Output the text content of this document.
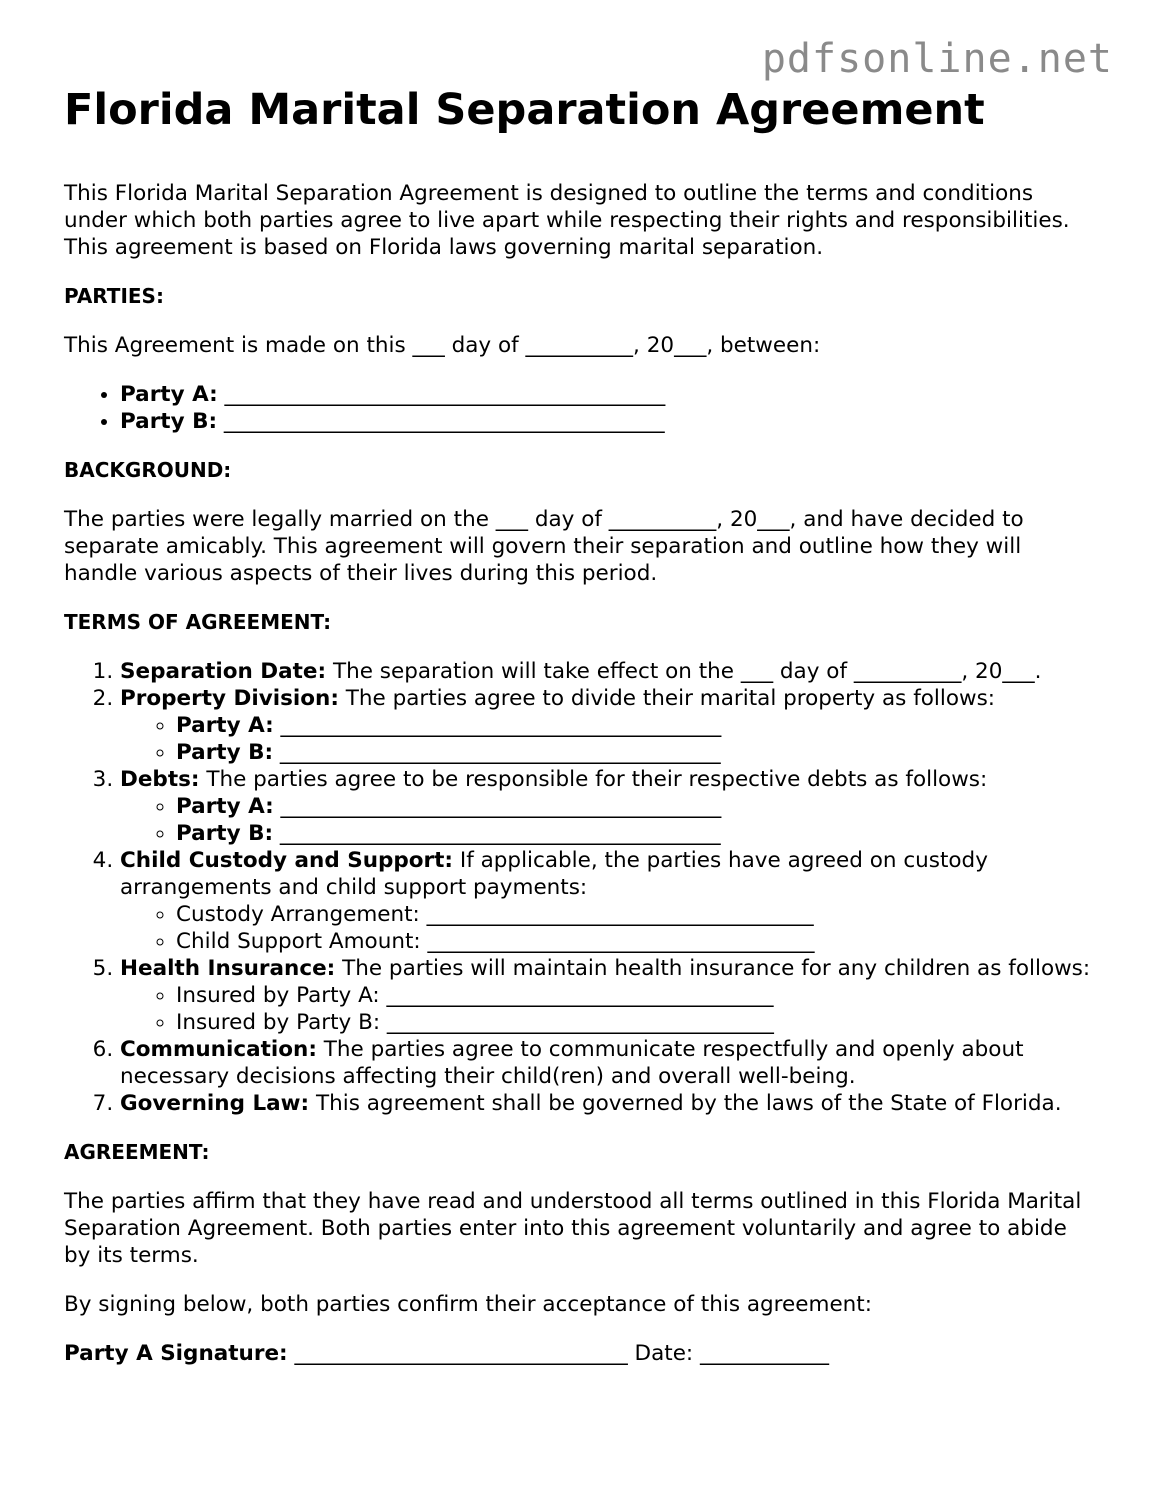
pdfsonline.net
Florida Marital Separation Agreement

This Florida Marital Separation Agreement is designed to outline the terms and conditions under which both parties agree to live apart while respecting their rights and responsibilities. This agreement is based on Florida laws governing marital separation.

PARTIES:

This Agreement is made on this ___ day of __________, 20___, between:

• Party A: _________________________________________
• Party B: _________________________________________
BACKGROUND:

The parties were legally married on the ___ day of __________, 20___, and have decided to separate amicably. This agreement will govern their separation and outline how they will handle various aspects of their lives during this period.

TERMS OF AGREEMENT:
1. Separation Date: The separation will take effect on the ___ day of __________, 20___.
2. Property Division: The parties agree to divide their marital property as follows:
◦ Party A: _________________________________________
◦ Party B: _________________________________________
3. Debts: The parties agree to be responsible for their respective debts as follows:
◦ Party A: _________________________________________
◦ Party B: _________________________________________
4. Child Custody and Support: If applicable, the parties have agreed on custody arrangements and child support payments:
◦ Custody Arrangement: ____________________________________
◦ Child Support Amount: ____________________________________
5. Health Insurance: The parties will maintain health insurance for any children as follows:
◦ Insured by Party A: ____________________________________
◦ Insured by Party B: ____________________________________
6. Communication: The parties agree to communicate respectfully and openly about necessary decisions affecting their child(ren) and overall well-being.
7. Governing Law: This agreement shall be governed by the laws of the State of Florida.
AGREEMENT:

The parties affirm that they have read and understood all terms outlined in this Florida Marital Separation Agreement. Both parties enter into this agreement voluntarily and agree to abide by its terms.

By signing below, both parties confirm their acceptance of this agreement:

Party A Signature: _______________________________ Date: ____________
